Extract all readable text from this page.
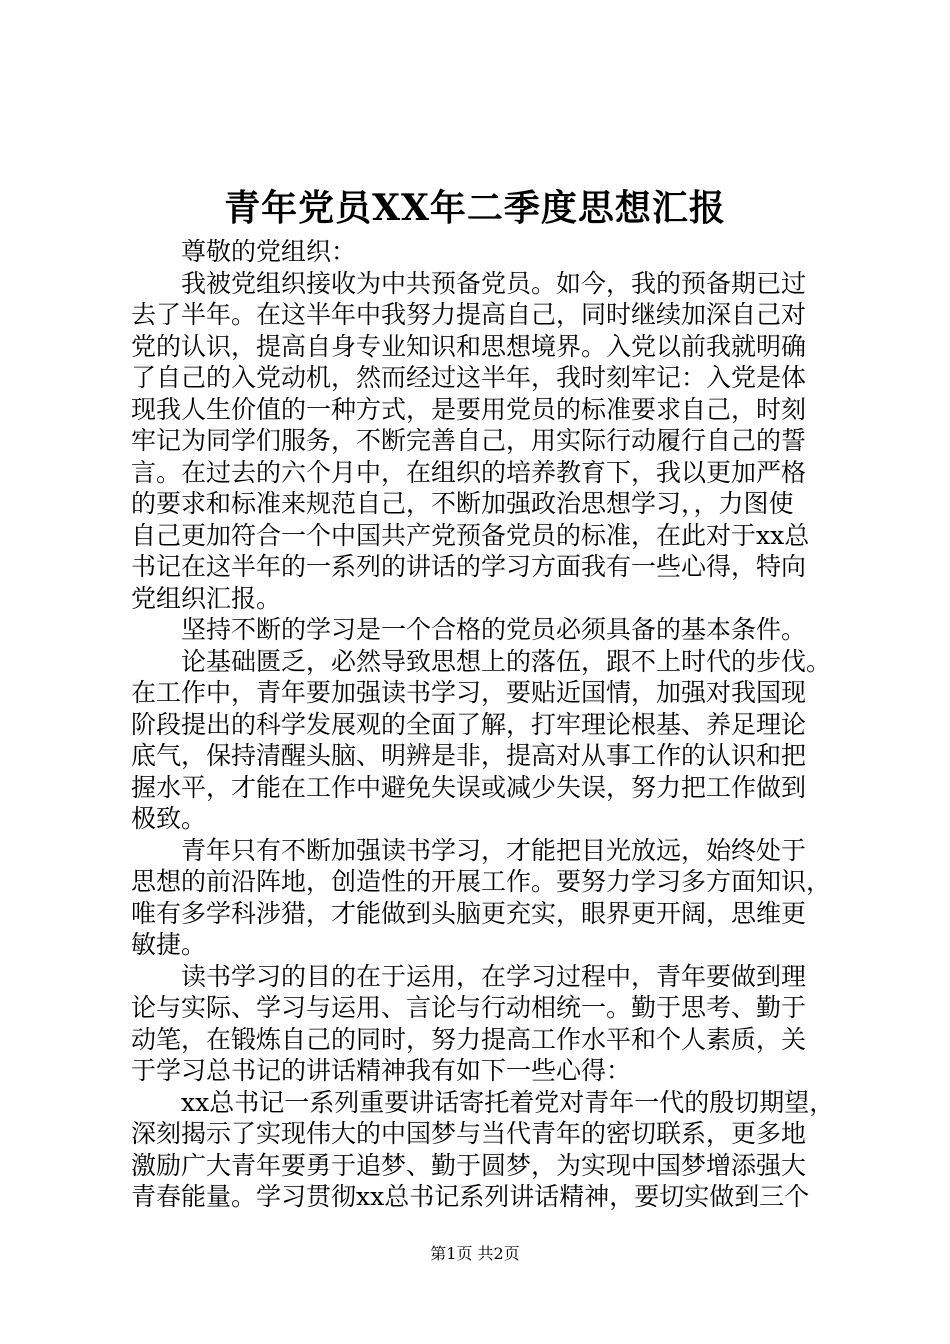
青年党员XX年二季度思想汇报
尊敬的党组织：

我被党组织接收为中共预备党员。如今，我的预备期已过
去了半年。在这半年中我努力提高自己，同时继续加深自己对
党的认识，提高自身专业知识和思想境界。入党以前我就明确
了自己的入党动机，然而经过这半年，我时刻牢记：入党是体
现我人生价值的一种方式，是要用党员的标准要求自己，时刻
牢记为同学们服务，不断完善自己，用实际行动履行自己的誓
言。在过去的六个月中，在组织的培养教育下，我以更加严格
的要求和标准来规范自己，不断加强政治思想学习，，力图使
自己更加符合一个中国共产党预备党员的标准，在此对于xx总
书记在这半年的一系列的讲话的学习方面我有一些心得，特向
党组织汇报。

坚持不断的学习是一个合格的党员必须具备的基本条件。

论基础匮乏，必然导致思想上的落伍，跟不上时代的步伐。
在工作中，青年要加强读书学习，要贴近国情，加强对我国现
阶段提出的科学发展观的全面了解，打牢理论根基、养足理论
底气，保持清醒头脑、明辨是非，提高对从事工作的认识和把
握水平，才能在工作中避免失误或减少失误，努力把工作做到
极致。

青年只有不断加强读书学习，才能把目光放远，始终处于
思想的前沿阵地，创造性的开展工作。要努力学习多方面知识，
唯有多学科涉猎，才能做到头脑更充实，眼界更开阔，思维更
敏捷。

读书学习的目的在于运用，在学习过程中，青年要做到理
论与实际、学习与运用、言论与行动相统一。勤于思考、勤于
动笔，在锻炼自己的同时，努力提高工作水平和个人素质，关
于学习总书记的讲话精神我有如下一些心得：

xx总书记一系列重要讲话寄托着党对青年一代的殷切期望，
深刻揭示了实现伟大的中国梦与当代青年的密切联系，更多地
激励广大青年要勇于追梦、勤于圆梦，为实现中国梦增添强大
青春能量。学习贯彻xx总书记系列讲话精神，要切实做到三个

第1页 共2页
